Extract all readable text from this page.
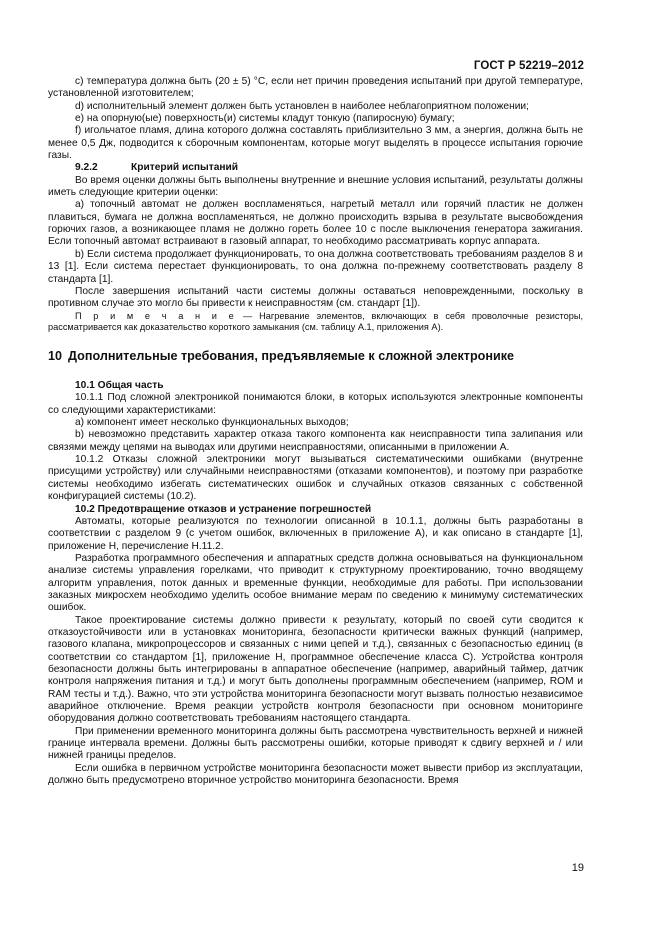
ГОСТ Р 52219–2012

c) температура должна быть (20 ± 5) °C, если нет причин проведения испытаний при другой температуре, установленной изготовителем;

d) исполнительный элемент должен быть установлен в наиболее неблагоприятном положении;

e) на опорную(ые) поверхность(и) системы кладут тонкую (папиросную) бумагу;

f) игольчатое пламя, длина которого должна составлять приблизительно 3 мм, а энергия, должна быть не менее 0,5 Дж, подводится к сборочным компонентам, которые могут выделять в процессе испытания горючие газы.

9.2.2	Критерий испытаний

Во время оценки должны быть выполнены внутренние и внешние условия испытаний, результаты должны иметь следующие критерии оценки:

a) топочный автомат не должен воспламеняться, нагретый металл или горячий пластик не должен плавиться, бумага не должна воспламеняться, не должно происходить взрыва в результате высвобождения горючих газов, а возникающее пламя не должно гореть более 10 с после выключения генератора зажигания. Если топочный автомат встраивают в газовый аппарат, то необходимо рассматривать корпус аппарата.

b) Если система продолжает функционировать, то она должна соответствовать требованиям разделов 8 и 13 [1]. Если система перестает функционировать, то она должна по-прежнему соответствовать разделу 8 стандарта [1].

После завершения испытаний части системы должны оставаться неповрежденными, поскольку в противном случае это могло бы привести к неисправностям (см. стандарт [1]).

П р и м е ч а н и е — Нагревание элементов, включающих в себя проволочные резисторы, рассматривается как доказательство короткого замыкания (см. таблицу А.1, приложения А).

10 Дополнительные требования, предъявляемые к сложной электронике

10.1 Общая часть

10.1.1 Под сложной электроникой понимаются блоки, в которых используются электронные компоненты со следующими характеристиками:

a) компонент имеет несколько функциональных выходов;

b) невозможно представить характер отказа такого компонента как неисправности типа залипания или связями между цепями на выводах или другими неисправностями, описанными в приложении А.

10.1.2 Отказы сложной электроники могут вызываться систематическими ошибками (внутренне присущими устройству) или случайными неисправностями (отказами компонентов), и поэтому при разработке системы необходимо избегать систематических ошибок и случайных отказов связанных с собственной конфигурацией системы (10.2).

10.2 Предотвращение отказов и устранение погрешностей

Автоматы, которые реализуются по технологии описанной в 10.1.1, должны быть разработаны в соответствии с разделом 9 (с учетом ошибок, включенных в приложение А), и как описано в стандарте [1], приложение Н, перечисление Н.11.2.

Разработка программного обеспечения и аппаратных средств должна основываться на функциональном анализе системы управления горелками, что приводит к структурному проектированию, точно вводящему алгоритм управления, поток данных и временные функции, необходимые для работы. При использовании заказных микросхем необходимо уделить особое внимание мерам по сведению к минимуму систематических ошибок.

Такое проектирование системы должно привести к результату, который по своей сути сводится к отказоустойчивости или в установках мониторинга, безопасности критически важных функций (например, газового клапана, микропроцессоров и связанных с ними цепей и т.д.), связанных с безопасностью единиц (в соответствии со стандартом [1], приложение Н, программное обеспечение класса С). Устройства контроля безопасности должны быть интегрированы в аппаратное обеспечение (например, аварийный таймер, датчик контроля напряжения питания и т.д.) и могут быть дополнены программным обеспечением (например, ROM и RAM тесты и т.д.). Важно, что эти устройства мониторинга безопасности могут вызвать полностью независимое аварийное отключение. Время реакции устройств контроля безопасности при основном мониторинге оборудования должно соответствовать требованиям настоящего стандарта.

При применении временного мониторинга должны быть рассмотрена чувствительность верхней и нижней границе интервала времени. Должны быть рассмотрены ошибки, которые приводят к сдвигу верхней и / или нижней границы пределов.

Если ошибка в первичном устройстве мониторинга безопасности может вывести прибор из эксплуатации, должно быть предусмотрено вторичное устройство мониторинга безопасности. Время

19
